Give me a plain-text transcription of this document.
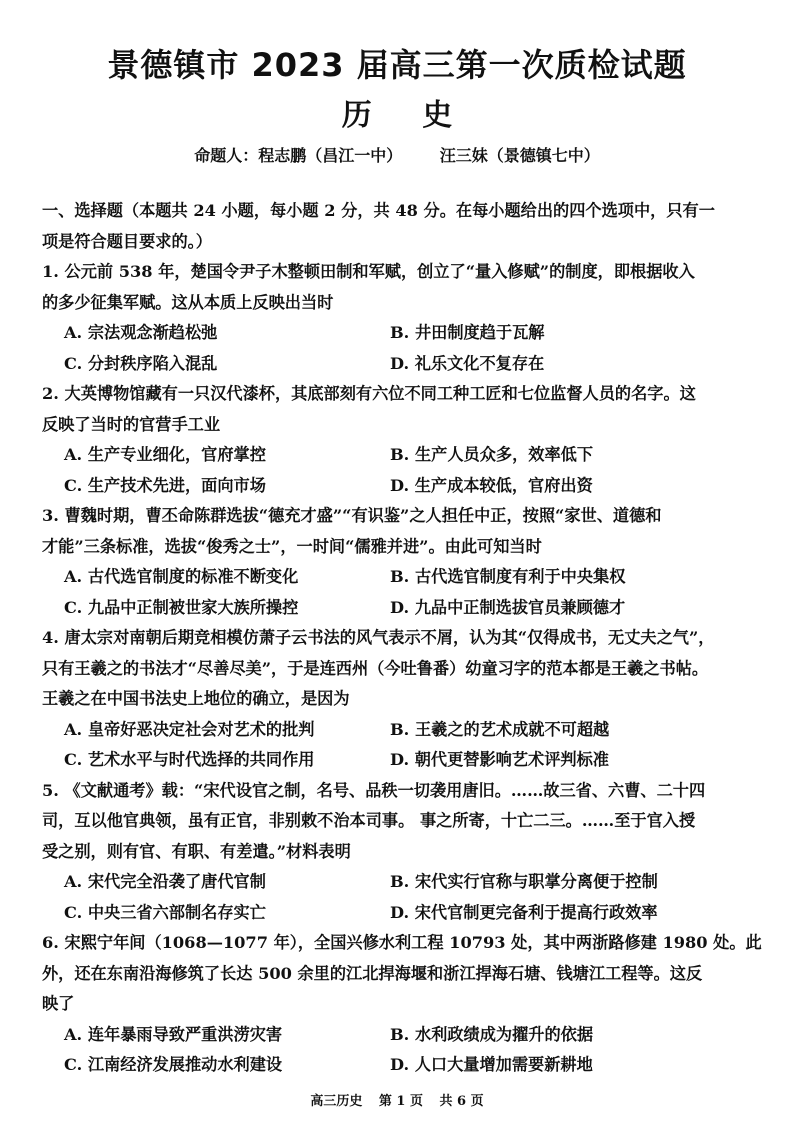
景德镇市 2023 届高三第一次质检试题
历 史
命题人：程志鹏（昌江一中） 汪三妹（景德镇七中）
一、选择题（本题共 24 小题，每小题 2 分，共 48 分。在每小题给出的四个选项中，只有一
项是符合题目要求的。）
1. 公元前 538 年，楚国令尹子木整顿田制和军赋，创立了“量入修赋”的制度，即根据收入
的多少征集军赋。这从本质上反映出当时
A. 宗法观念渐趋松弛	B. 井田制度趋于瓦解
C. 分封秩序陷入混乱	D. 礼乐文化不复存在
2. 大英博物馆藏有一只汉代漆杯，其底部刻有六位不同工种工匠和七位监督人员的名字。这
反映了当时的官营手工业
A. 生产专业细化，官府掌控	B. 生产人员众多，效率低下
C. 生产技术先进，面向市场	D. 生产成本较低，官府出资
3. 曹魏时期，曹丕命陈群选拔“德充才盛”“有识鉴”之人担任中正，按照“家世、道德和
才能”三条标准，选拔“俊秀之士”，一时间“儒雅并进”。由此可知当时
A. 古代选官制度的标准不断变化	B. 古代选官制度有利于中央集权
C. 九品中正制被世家大族所操控	D. 九品中正制选拔官员兼顾德才
4. 唐太宗对南朝后期竞相模仿萧子云书法的风气表示不屑，认为其“仅得成书，无丈夫之气”，
只有王羲之的书法才“尽善尽美”，于是连西州（今吐鲁番）幼童习字的范本都是王羲之书帖。
王羲之在中国书法史上地位的确立，是因为
A. 皇帝好恶决定社会对艺术的批判	B. 王羲之的艺术成就不可超越
C. 艺术水平与时代选择的共同作用	D. 朝代更替影响艺术评判标准
5. 《文献通考》载：“宋代设官之制，名号、品秩一切袭用唐旧。……故三省、六曹、二十四
司，互以他官典领，虽有正官，非别敕不治本司事。 事之所寄，十亡二三。……至于官入授
受之别，则有官、有职、有差遣。”材料表明
A. 宋代完全沿袭了唐代官制	B. 宋代实行官称与职掌分离便于控制
C. 中央三省六部制名存实亡	D. 宋代官制更完备利于提高行政效率
6. 宋熙宁年间（1068—1077 年），全国兴修水利工程 10793 处，其中两浙路修建 1980 处。此
外，还在东南沿海修筑了长达 500 余里的江北捍海堰和浙江捍海石塘、钱塘江工程等。这反
映了
A. 连年暴雨导致严重洪涝灾害	B. 水利政绩成为擢升的依据
C. 江南经济发展推动水利建设	D. 人口大量增加需要新耕地
高三历史 第 1 页 共 6 页
